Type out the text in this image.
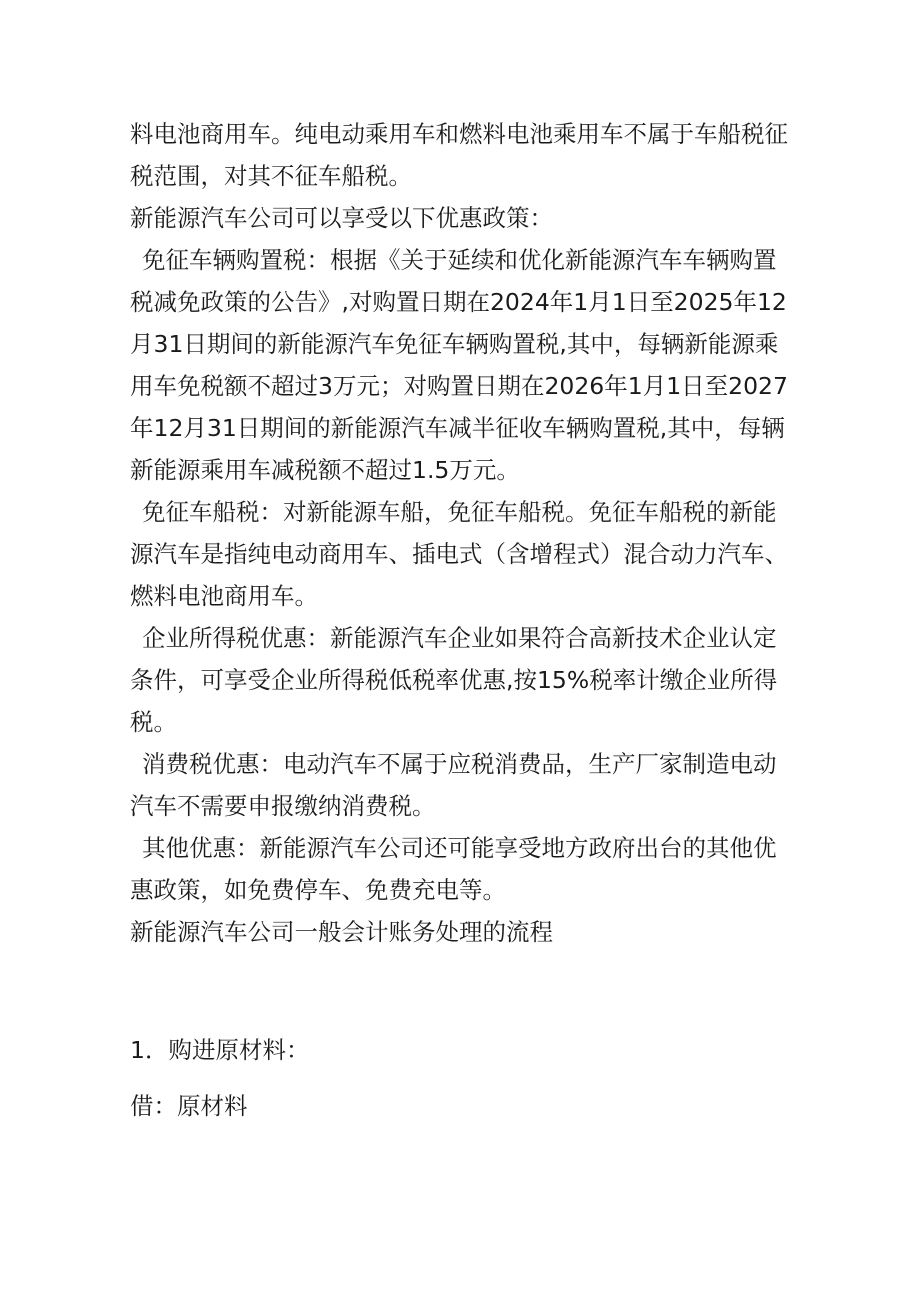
料电池商用车。纯电动乘用车和燃料电池乘用车不属于车船税征税范围，对其不征车船税。

新能源汽车公司可以享受以下优惠政策：

免征车辆购置税：根据《关于延续和优化新能源汽车车辆购置税减免政策的公告》,对购置日期在2024年1月1日至2025年12月31日期间的新能源汽车免征车辆购置税,其中，每辆新能源乘用车免税额不超过3万元；对购置日期在2026年1月1日至2027年12月31日期间的新能源汽车减半征收车辆购置税,其中，每辆新能源乘用车减税额不超过1.5万元。

免征车船税：对新能源车船，免征车船税。免征车船税的新能源汽车是指纯电动商用车、插电式（含增程式）混合动力汽车、燃料电池商用车。

企业所得税优惠：新能源汽车企业如果符合高新技术企业认定条件，可享受企业所得税低税率优惠,按15%税率计缴企业所得税。

消费税优惠：电动汽车不属于应税消费品，生产厂家制造电动汽车不需要申报缴纳消费税。

其他优惠：新能源汽车公司还可能享受地方政府出台的其他优惠政策，如免费停车、免费充电等。

新能源汽车公司一般会计账务处理的流程

1．购进原材料：

借：原材料
